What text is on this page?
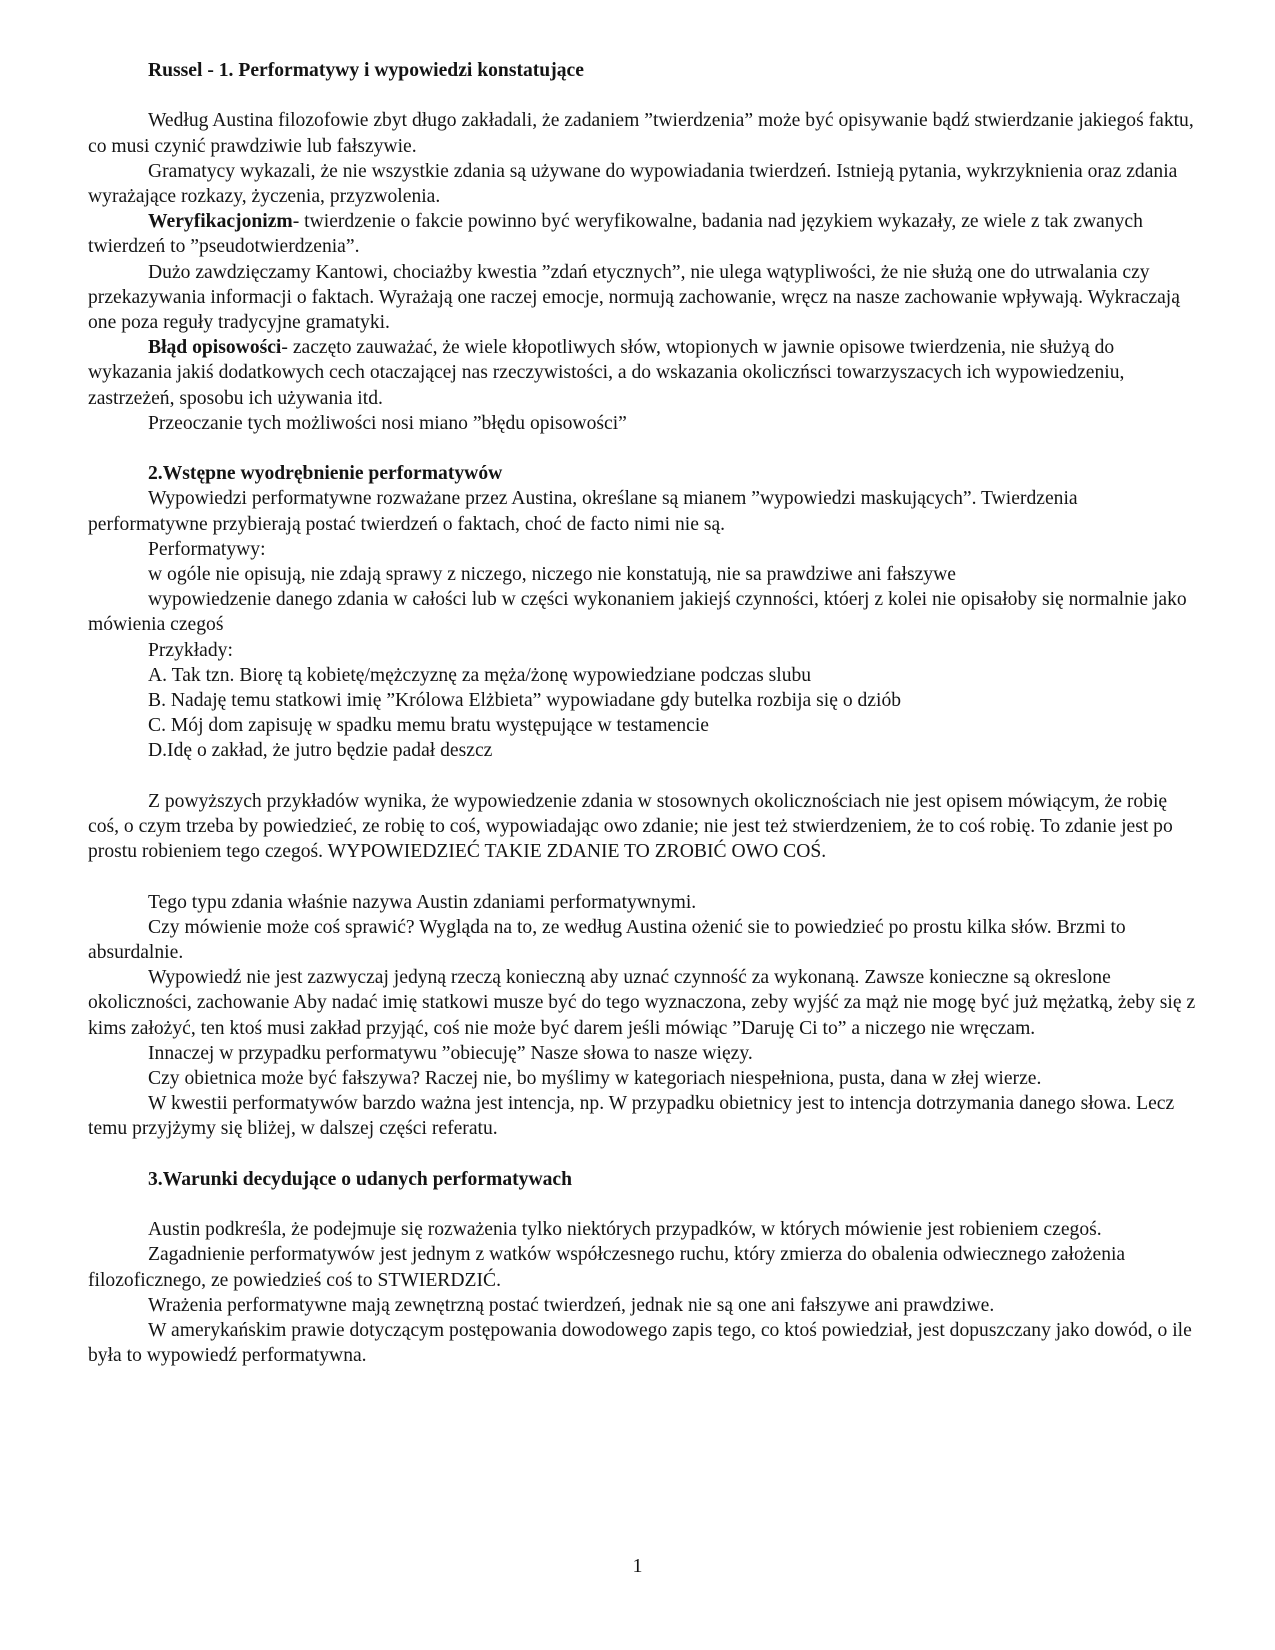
Russel - 1. Performatywy i wypowiedzi konstatujące

Według Austina filozofowie zbyt długo zakładali, że zadaniem ”twierdzenia” może być opisywanie bądź stwierdzanie jakiegoś faktu, co musi czynić prawdziwie lub fałszywie.

Gramatycy wykazali, że nie wszystkie zdania są używane do wypowiadania twierdzeń. Istnieją pytania, wykrzyknienia oraz zdania wyrażające rozkazy, życzenia, przyzwolenia.

Weryfikacjonizm- twierdzenie o fakcie powinno być weryfikowalne, badania nad językiem wykazały, ze wiele z tak zwanych twierdzeń to ”pseudotwierdzenia”.

Dużo zawdzięczamy Kantowi, chociażby kwestia ”zdań etycznych”, nie ulega wątypliwości, że nie służą one do utrwalania czy przekazywania informacji o faktach. Wyrażają one raczej emocje, normują zachowanie, wręcz na nasze zachowanie wpływają. Wykraczają one poza reguły tradycyjne gramatyki.

Błąd opisowości- zaczęto zauważać, że wiele kłopotliwych słów, wtopionych w jawnie opisowe twierdzenia, nie służyą do wykazania jakiś dodatkowych cech otaczającej nas rzeczywistości, a do wskazania okoliczńsci towarzyszacych ich wypowiedzeniu, zastrzeżeń, sposobu ich używania itd.

Przeoczanie tych możliwości nosi miano ”błędu opisowości”

2.Wstępne wyodrębnienie performatywów

Wypowiedzi performatywne rozważane przez Austina, określane są mianem ”wypowiedzi maskujących”. Twierdzenia performatywne przybierają postać twierdzeń o faktach, choć de facto nimi nie są.

Performatywy:

w ogóle nie opisują, nie zdają sprawy z niczego, niczego nie konstatują, nie sa prawdziwe ani fałszywe

wypowiedzenie danego zdania w całości lub w części wykonaniem jakiejś czynności, któerj z kolei nie opisałoby się normalnie jako mówienia czegoś

Przykłady:

A. Tak tzn. Biorę tą kobietę/mężczyznę za męża/żonę wypowiedziane podczas slubu

B. Nadaję temu statkowi imię ”Królowa Elżbieta” wypowiadane gdy butelka rozbija się o dziób

C. Mój dom zapisuję w spadku memu bratu występujące w testamencie

D.Idę o zakład, że jutro będzie padał deszcz

Z powyższych przykładów wynika, że wypowiedzenie zdania w stosownych okolicznościach nie jest opisem mówiącym, że robię coś, o czym trzeba by powiedzieć, ze robię to coś, wypowiadając owo zdanie; nie jest też stwierdzeniem, że to coś robię. To zdanie jest po prostu robieniem tego czegoś. WYPOWIEDZIEĆ TAKIE ZDANIE TO ZROBIĆ OWO COŚ.

Tego typu zdania właśnie nazywa Austin zdaniami performatywnymi.

Czy mówienie może coś sprawić? Wygląda na to, ze według Austina ożenić sie to powiedzieć po prostu kilka słów. Brzmi to absurdalnie.

Wypowiedź nie jest zazwyczaj jedyną rzeczą konieczną aby uznać czynność za wykonaną. Zawsze konieczne są okreslone okoliczności, zachowanie Aby nadać imię statkowi musze być do tego wyznaczona, zeby wyjść za mąż nie mogę być już mężatką, żeby się z kims założyć, ten ktoś musi zakład przyjąć, coś nie może być darem jeśli mówiąc ”Daruję Ci to” a niczego nie wręczam.

Innaczej w przypadku performatywu ”obiecuję” Nasze słowa to nasze więzy.

Czy obietnica może być fałszywa? Raczej nie, bo myślimy w kategoriach niespełniona, pusta, dana w złej wierze.

W kwestii performatywów barzdo ważna jest intencja, np. W przypadku obietnicy jest to intencja dotrzymania danego słowa. Lecz temu przyjżymy się bliżej, w dalszej części referatu.

3.Warunki decydujące o udanych performatywach

Austin podkreśla, że podejmuje się rozważenia tylko niektórych przypadków, w których mówienie jest robieniem czegoś.

Zagadnienie performatywów jest jednym z watków współczesnego ruchu, który zmierza do obalenia odwiecznego założenia filozoficznego, ze powiedzieś coś to STWIERDZIĆ.

Wrażenia performatywne mają zewnętrzną postać twierdzeń, jednak nie są one ani fałszywe ani prawdziwe.

W amerykańskim prawie dotyczącym postępowania dowodowego zapis tego, co ktoś powiedział, jest dopuszczany jako dowód, o ile była to wypowiedź performatywna.

1
